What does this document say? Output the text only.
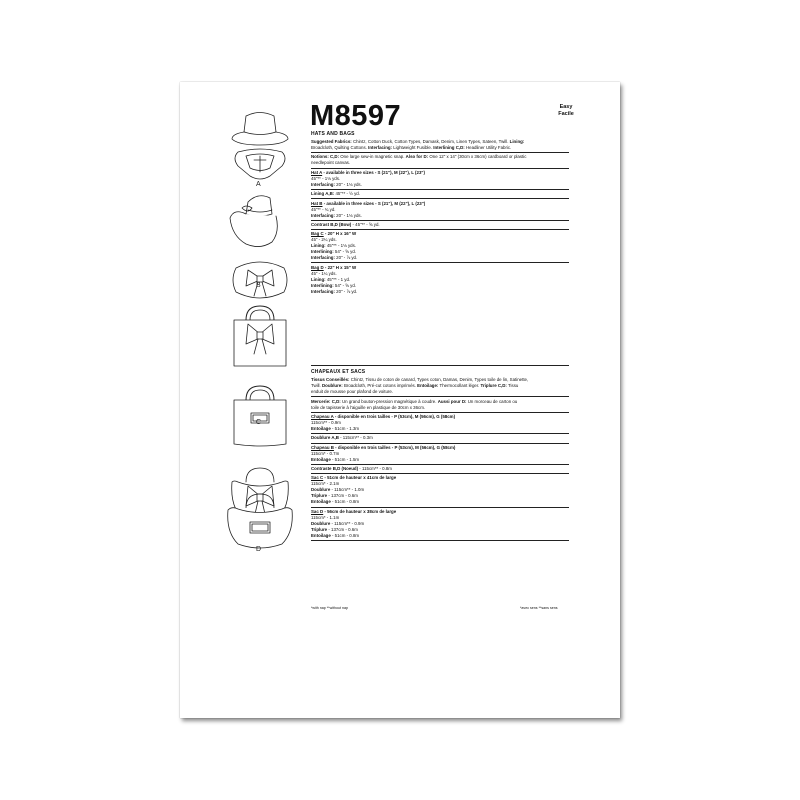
M8597	Easy
Facile
A
B
C
D
HATS AND BAGS
Suggested Fabrics: Chintz, Cotton Duck, Cotton Types, Damask, Denim, Linen Types, Sateen, Twill. Lining:
Broadcloth, Quilting Cottons. Interfacing: Lightweight Fusible. Interlining C,D: Headliner Utility Fabric.
Notions: C,D: One large sew-in magnetic snap. Also for D: One 12" x 14" (30cm x 36cm) cardboard or plastic
needlepoint canvas.
Hat A - available in three sizes - S (21"), M (22"), L (23")
45"** - 1⅛ yds.
Interfacing: 20" - 1⅛ yds.
Lining A,B: 45"** - ½ yd.
Hat B - available in three sizes - S (21"), M (22"), L (23")
45"** - ¾ yd.
Interfacing: 20" - 1⅛ yds.
Contrast B,D (Bow) - 45"** - ⅝ yd.
Bag C - 20" H x 16" W
45" - 2¼ yds.
Lining: 45"** - 1⅛ yds.
Interlining: 54" - ⅝ yd.
Interfacing: 20" - ⅞ yd.
Bag D - 22" H x 15" W
45" - 1¼ yds.
Lining: 45"** - 1 yd.
Interlining: 54" - ⅝ yd.
Interfacing: 20" - ⅞ yd.
CHAPEAUX ET SACS
Tissus Conseillés: Chintz, Tissu de coton de canard, Types coton, Damas, Denim, Types toile de lin, Satinette,
Twill. Doublure: Broadcloth, Pré-cut cotons imprimés. Entoilage: Thermocollant léger. Triplure C,D: Tissu
enduit de mousse pour plafond de voiture.
Mercerie: C,D: Un grand bouton-pression magnétique à coudre. Aussi pour D: Un morceau de carton ou
toile de tapisserie à l'aiguille en plastique de 30cm x 36cm.
Chapeau A - disponible en trois tailles - P (53cm), M (56cm), G (58cm)
115cm** - 0.9m
Entoilage - 51cm - 1.3m
Doublure A,B - 115cm** - 0.3m
Chapeau B - disponible en trois tailles - P (53cm), M (56cm), G (58cm)
115cm* - 0.7m
Entoilage - 51cm - 1.5m
Contraste B,D (Noeud) - 115cm** - 0.8m
Sac C - 51cm de hauteur x 41cm de large
115cm* - 2.1m
Doublure - 115cm** - 1.0m
Triplure - 137cm - 0.6m
Entoilage - 51cm - 0.8m
Sac D - 56cm de hauteur x 38cm de large
115cm* - 1.1m
Doublure - 115cm** - 0.9m
Triplure - 137cm - 0.6m
Entoilage - 51cm - 0.8m
*with nap **without nap	*avec sens **sans sens
